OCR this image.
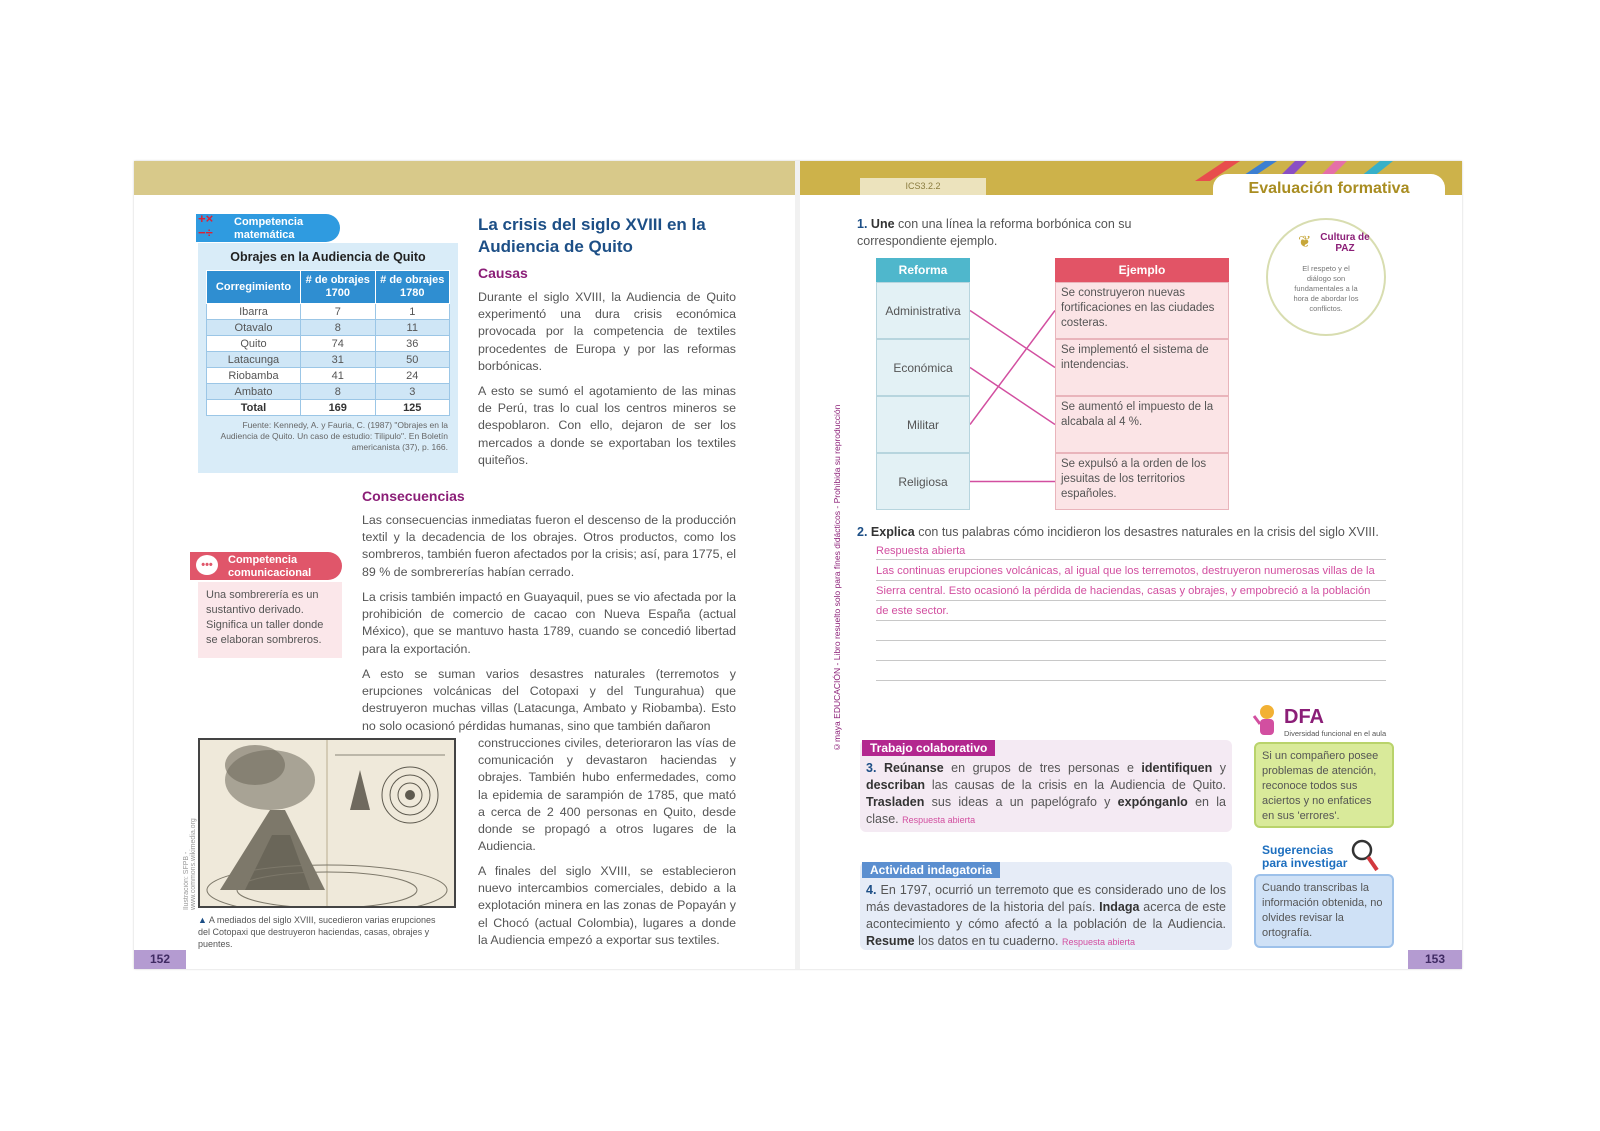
ICS3.2.2	Evaluación formativa
+×
−÷
Competencia matemática
Obrajes en la Audiencia de Quito
Corregimiento	# de obrajes 1700	# de obrajes 1780
Ibarra	7	1
Otavalo	8	11
Quito	74	36
Latacunga	31	50
Riobamba	41	24
Ambato	8	3
Total	169	125
Fuente: Kennedy, A. y Fauria, C. (1987) "Obrajes en la Audiencia de Quito. Un caso de estudio: Tilipulo". En Boletín americanista (37), p. 166.
La crisis del siglo XVIII en la Audiencia de Quito
Causas

Durante el siglo XVIII, la Audiencia de Quito experimentó una dura crisis económica provocada por la competencia de textiles procedentes de Europa y por las reformas borbónicas.

A esto se sumó el agotamiento de las minas de Perú, tras lo cual los centros mineros se despoblaron. Con ello, dejaron de ser los mercados a donde se exportaban los textiles quiteños.

Consecuencias

Las consecuencias inmediatas fueron el descenso de la producción textil y la decadencia de los obrajes. Otros productos, como los sombreros, también fueron afectados por la crisis; así, para 1775, el 89 % de sombrererías habían cerrado.

La crisis también impactó en Guayaquil, pues se vio afectada por la prohibición de comercio de cacao con Nueva España (actual México), que se mantuvo hasta 1789, cuando se concedió libertad para la exportación.

A esto se suman varios desastres naturales (terremotos y erupciones volcánicas del Cotopaxi y del Tungurahua) que destruyeron muchas villas (Latacunga, Ambato y Riobamba). Esto no solo ocasionó pérdidas humanas, sino que también dañaron

construcciones civiles, deterioraron las vías de comunicación y devastaron haciendas y obrajes. También hubo enfermedades, como la epidemia de sarampión de 1785, que mató a cerca de 2 400 personas en Quito, desde donde se propagó a otros lugares de la Audiencia.

A finales del siglo XVIII, se establecieron nuevo intercambios comerciales, debido a la explotación minera en las zonas de Popayán y el Chocó (actual Colombia), lugares a donde la Audiencia empezó a exportar sus textiles.

•••	Competencia comunicacional
Una sombrerería es un sustantivo derivado. Significa un taller donde se elaboran sombreros.
Ilustración: SFPB - www.commons.wikimedia.org
▲ A mediados del siglo XVIII, sucedieron varias erupciones del Cotopaxi que destruyeron haciendas, casas, obrajes y puentes.
152
©maya EDUCACIÓN - Libro resuelto solo para fines didácticos - Prohibida su reproducción
1. Une con una línea la reforma borbónica con su correspondiente ejemplo.
Reforma	Ejemplo
Administrativa
Económica
Militar
Religiosa
Se construyeron nuevas fortificaciones en las ciudades costeras.
Se implementó el sistema de intendencias.
Se aumentó el impuesto de la alcabala al 4 %.
Se expulsó a la orden de los jesuitas de los territorios españoles.
❦ Cultura de PAZ
El respeto y el diálogo son fundamentales a la hora de abordar los conflictos.
2. Explica con tus palabras cómo incidieron los desastres naturales en la crisis del siglo XVIII.
Respuesta abierta
Las continuas erupciones volcánicas, al igual que los terremotos, destruyeron numerosas villas de la
Sierra central. Esto ocasionó la pérdida de haciendas, casas y obrajes, y empobreció a la población
de este sector.
Trabajo colaborativo
3. Reúnanse en grupos de tres personas e identifiquen y describan las causas de la crisis en la Audiencia de Quito. Trasladen sus ideas a un papelógrafo y expónganlo en la clase. Respuesta abierta
Actividad indagatoria
4. En 1797, ocurrió un terremoto que es considerado uno de los más devastadores de la historia del país. Indaga acerca de este acontecimiento y cómo afectó a la población de la Audiencia. Resume los datos en tu cuaderno. Respuesta abierta
DFA
Diversidad funcional en el aula
Si un compañero posee problemas de atención, reconoce todos sus aciertos y no enfatices en sus 'errores'.
Sugerencias para investigar
Cuando transcribas la información obtenida, no olvides revisar la ortografía.
153
